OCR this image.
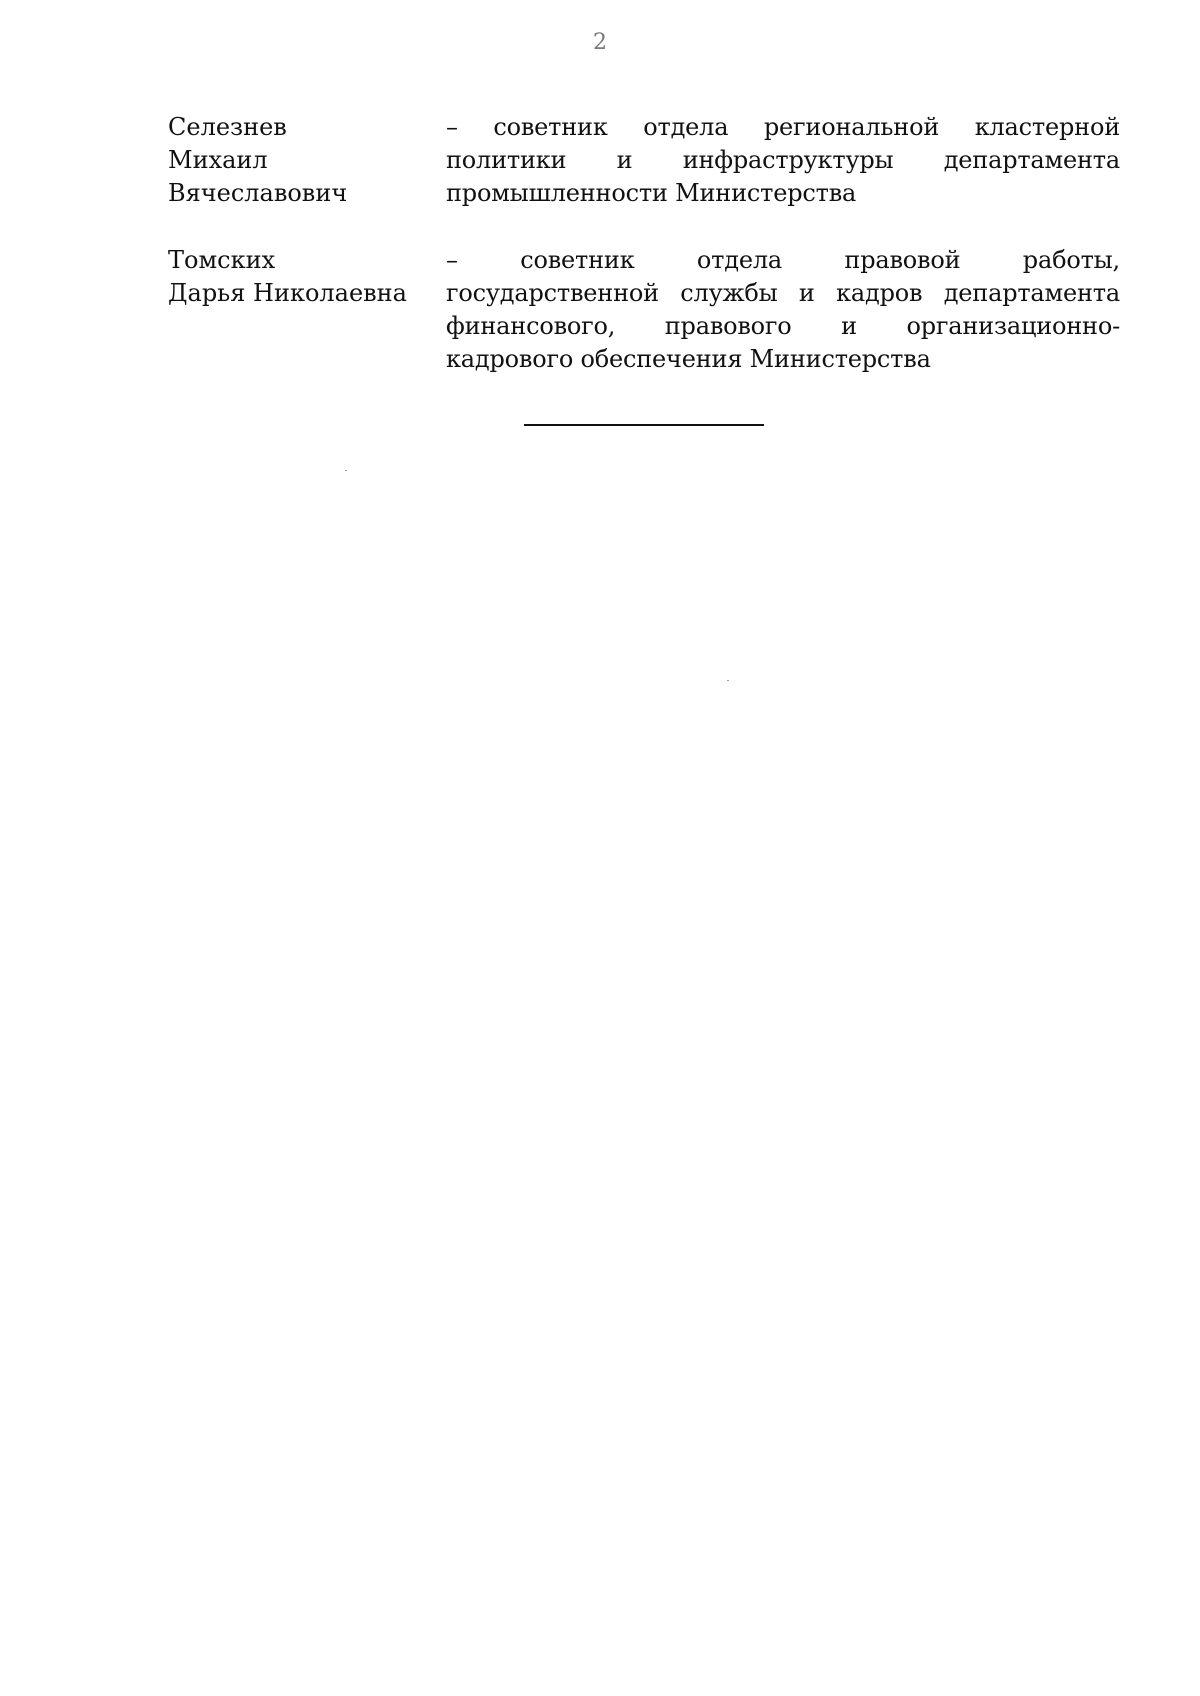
2
Селезнев
Михаил
Вячеславович
– советник отдела региональной кластерной политики и инфраструктуры департамента промышленности Министерства
Томских
Дарья Николаевна
– советник отдела правовой работы, государственной службы и кадров департамента финансового, правового и организационно-кадрового обеспечения Министерства
